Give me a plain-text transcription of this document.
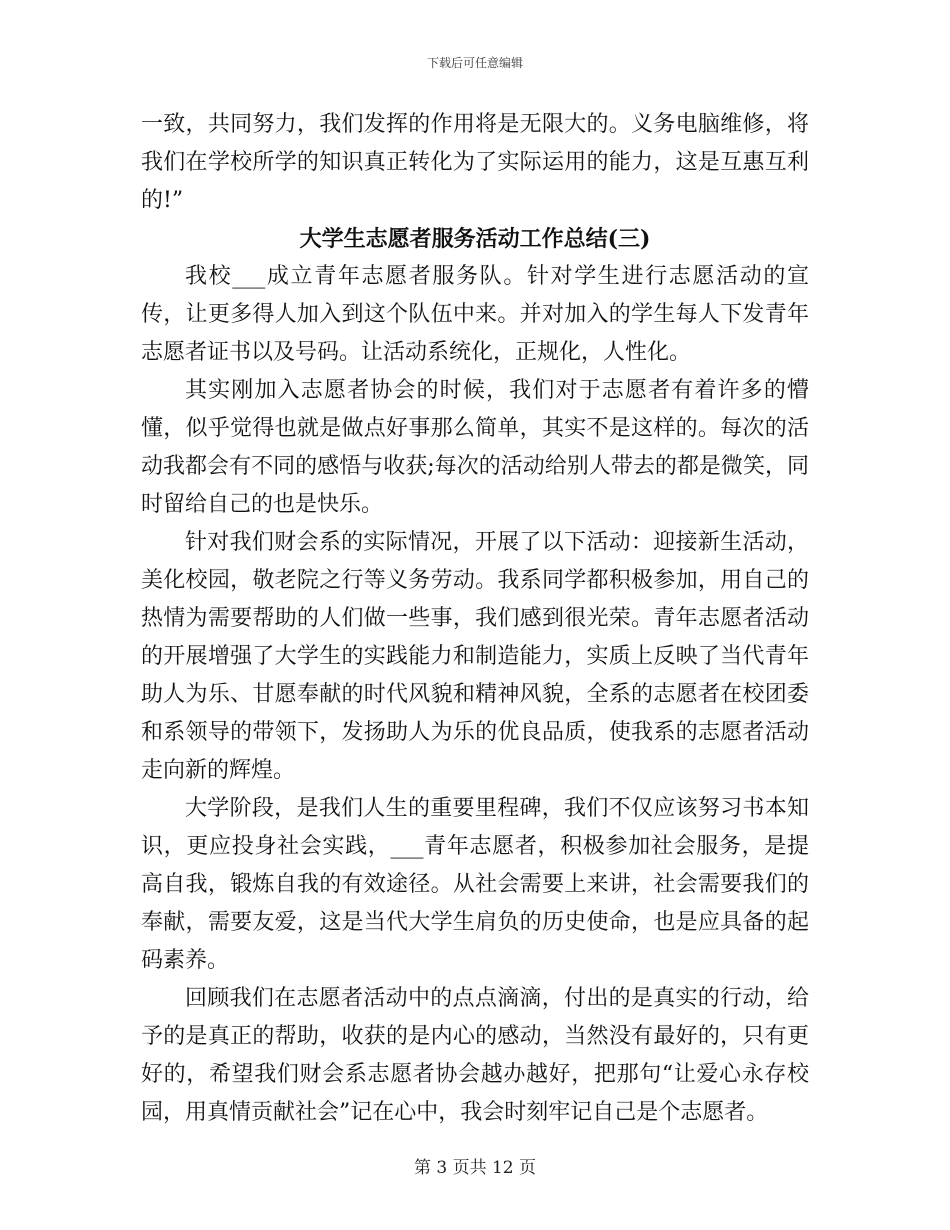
下载后可任意编辑

一致，共同努力，我们发挥的作用将是无限大的。义务电脑维修，将我们在学校所学的知识真正转化为了实际运用的能力，这是互惠互利的!”

大学生志愿者服务活动工作总结(三)

我校___成立青年志愿者服务队。针对学生进行志愿活动的宣传，让更多得人加入到这个队伍中来。并对加入的学生每人下发青年志愿者证书以及号码。让活动系统化，正规化，人性化。

其实刚加入志愿者协会的时候，我们对于志愿者有着许多的懵懂，似乎觉得也就是做点好事那么简单，其实不是这样的。每次的活动我都会有不同的感悟与收获;每次的活动给别人带去的都是微笑，同时留给自己的也是快乐。

针对我们财会系的实际情况，开展了以下活动：迎接新生活动，美化校园，敬老院之行等义务劳动。我系同学都积极参加，用自己的热情为需要帮助的人们做一些事，我们感到很光荣。青年志愿者活动的开展增强了大学生的实践能力和制造能力，实质上反映了当代青年助人为乐、甘愿奉献的时代风貌和精神风貌，全系的志愿者在校团委和系领导的带领下，发扬助人为乐的优良品质，使我系的志愿者活动走向新的辉煌。

大学阶段，是我们人生的重要里程碑，我们不仅应该努习书本知识，更应投身社会实践，___青年志愿者，积极参加社会服务，是提高自我，锻炼自我的有效途径。从社会需要上来讲，社会需要我们的奉献，需要友爱，这是当代大学生肩负的历史使命，也是应具备的起码素养。

回顾我们在志愿者活动中的点点滴滴，付出的是真实的行动，给予的是真正的帮助，收获的是内心的感动，当然没有最好的，只有更好的，希望我们财会系志愿者协会越办越好，把那句“让爱心永存校园，用真情贡献社会”记在心中，我会时刻牢记自己是个志愿者。

第 3 页共 12 页
